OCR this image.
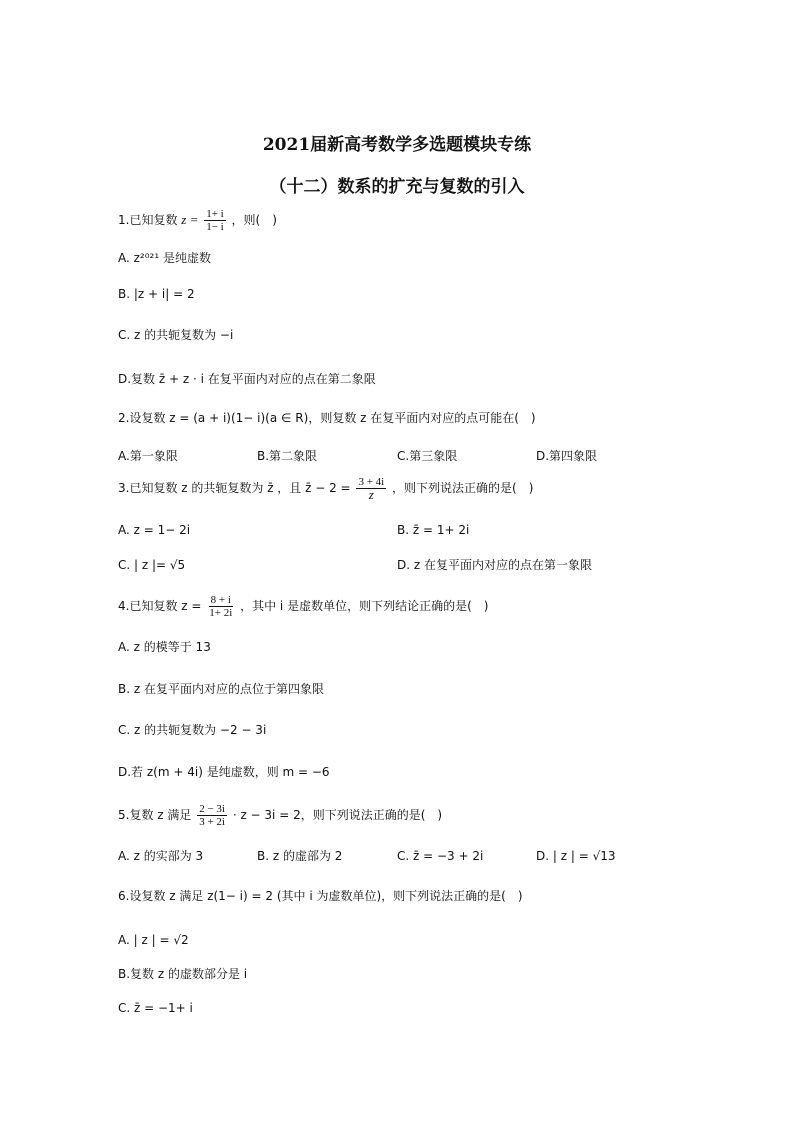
2021届新高考数学多选题模块专练
（十二）数系的扩充与复数的引入
1.已知复数 $z = \frac{1+ i}{1- i}$ ，则(　)
A. z²⁰²¹ 是纯虚数
B. |z + i| = 2
C. z 的共轭复数为 −i
D.复数 z̄ + z · i 在复平面内对应的点在第二象限
2.设复数 z = (a + i)(1− i)(a ∈ R)，则复数 z 在复平面内对应的点可能在(　)
A.第一象限	B.第二象限	C.第三象限	D.第四象限
3.已知复数 z 的共轭复数为 z̄ ，且 z̄ − $2 = \frac{3 + 4i}{z}$ ，则下列说法正确的是(　)
A. z = 1− 2i	B. z̄ = 1+ 2i
C. | z |= √5	D. z 在复平面内对应的点在第一象限
4.已知复数 $z = \frac{8 + i}{1+ 2i}$ ，其中 i 是虚数单位，则下列结论正确的是(　)
A. z 的模等于 13
B. z 在复平面内对应的点位于第四象限
C. z 的共轭复数为 −2 − 3i
D.若 z(m + 4i) 是纯虚数，则 m = −6
5.复数 z 满足 $\frac{2 - 3i}{3 + 2i} \cdot z - 3i = 2$，则下列说法正确的是(　)
A. z 的实部为 3	B. z 的虚部为 2	C. z̄ = −3 + 2i	D. | z | = √13
6.设复数 z 满足 z(1− i) = 2 (其中 i 为虚数单位)，则下列说法正确的是(　)
A. | z | = √2
B.复数 z 的虚数部分是 i
C. z̄ = −1+ i
